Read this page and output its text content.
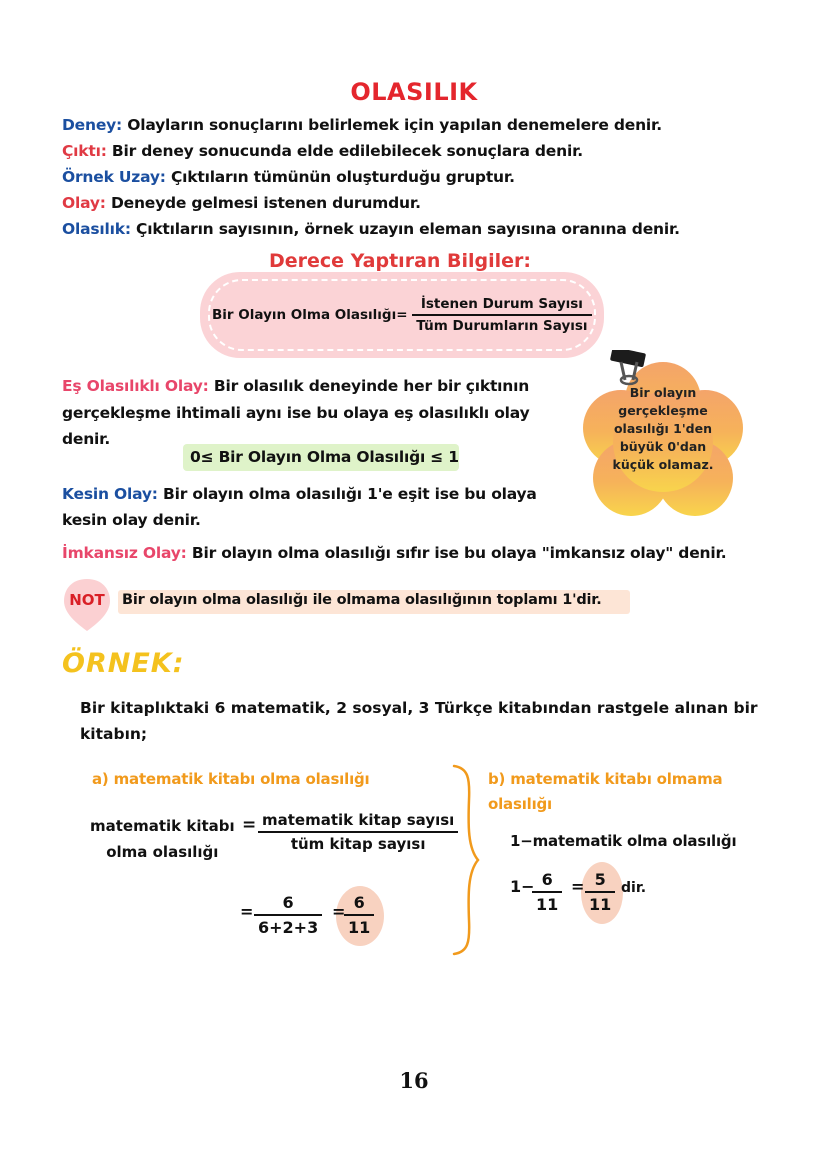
OLASILIK
Deney: Olayların sonuçlarını belirlemek için yapılan denemelere denir.
Çıktı: Bir deney sonucunda elde edilebilecek sonuçlara denir.
Örnek Uzay: Çıktıların tümünün oluşturduğu gruptur.
Olay: Deneyde gelmesi istenen durumdur.
Olasılık: Çıktıların sayısının, örnek uzayın eleman sayısına oranına denir.
Derece Yaptıran Bilgiler:
Bir Olayın Olma Olasılığı= $\frac{\text{İstenen Durum Sayısı}}{\text{Tüm Durumların Sayısı}}$
Eş Olasılıklı Olay: Bir olasılık deneyinde her bir çıktının
gerçekleşme ihtimali aynı ise bu olaya eş olasılıklı olay
denir.
0≤ Bir Olayın Olma Olasılığı ≤ 1
Bir olayın
gerçekleşme
olasılığı 1'den
büyük 0'dan
küçük olamaz.
Kesin Olay: Bir olayın olma olasılığı 1'e eşit ise bu olaya
kesin olay denir.
İmkansız Olay: Bir olayın olma olasılığı sıfır ise bu olaya "imkansız olay" denir.
NOT Bir olayın olma olasılığı ile olmama olasılığının toplamı 1'dir.
ÖRNEK:
Bir kitaplıktaki 6 matematik, 2 sosyal, 3 Türkçe kitabından rastgele alınan bir kitabın;
a) matematik kitabı olma olasılığı
matematik kitabı
olma olasılığı
= $\frac{\text{matematik kitap sayısı}}{\text{tüm kitap sayısı}}$
= $\frac{6}{6+2+3}$ =
$\frac{6}{11}$
b) matematik kitabı olmama
olasılığı
1−matematik olma olasılığı
1−
$\frac{6}{11} = \frac{5}{11}$ dir.
16
